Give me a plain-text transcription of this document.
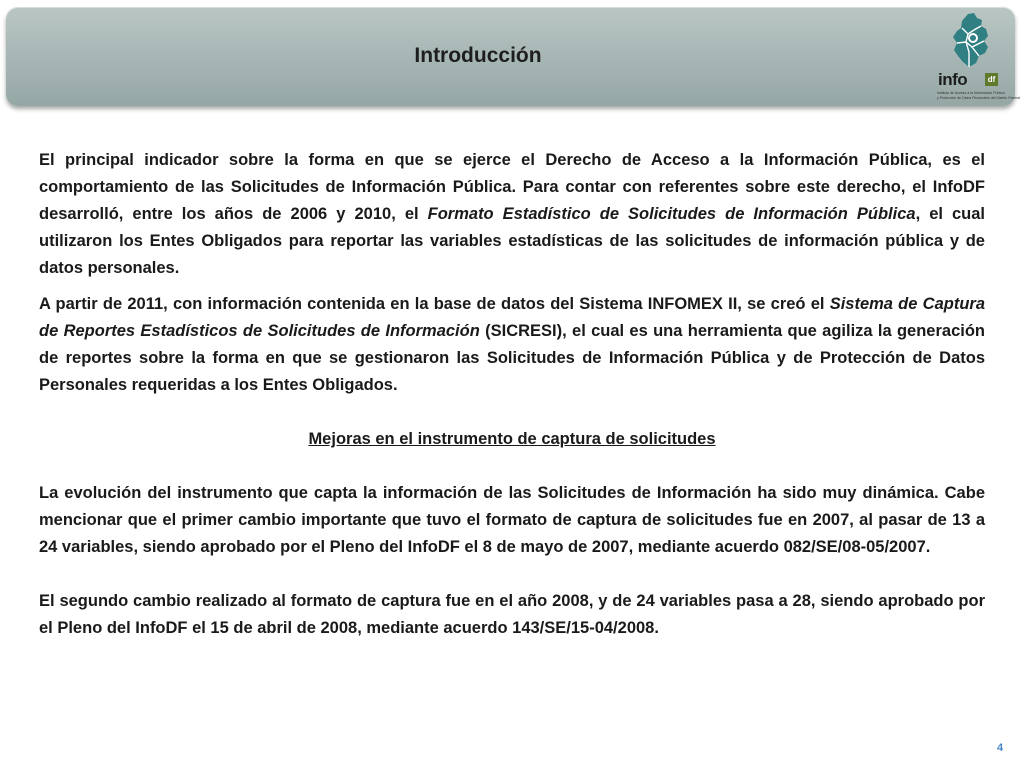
Introducción
info	df
Instituto de Acceso a la Información Pública
y Protección de Datos Personales del Distrito Federal

El principal indicador sobre la forma en que se ejerce el Derecho de Acceso a la Información Pública, es el comportamiento de las Solicitudes de Información Pública. Para contar con referentes sobre este derecho, el InfoDF desarrolló, entre los años de 2006 y 2010, el Formato Estadístico de Solicitudes de Información Pública, el cual utilizaron los Entes Obligados para reportar las variables estadísticas de las solicitudes de información pública y de datos personales.

A partir de 2011, con información contenida en la base de datos del Sistema INFOMEX II, se creó el Sistema de Captura de Reportes Estadísticos de Solicitudes de Información (SICRESI), el cual es una herramienta que agiliza la generación de reportes sobre la forma en que se gestionaron las Solicitudes de Información Pública y de Protección de Datos Personales requeridas a los Entes Obligados.

Mejoras en el instrumento de captura de solicitudes

La evolución del instrumento que capta la información de las Solicitudes de Información ha sido muy dinámica. Cabe mencionar que el primer cambio importante que tuvo el formato de captura de solicitudes fue en 2007, al pasar de 13 a 24 variables, siendo aprobado por el Pleno del InfoDF el 8 de mayo de 2007, mediante acuerdo 082/SE/08-05/2007.

El segundo cambio realizado al formato de captura fue en el año 2008, y de 24 variables pasa a 28, siendo aprobado por el Pleno del InfoDF el 15 de abril de 2008, mediante acuerdo 143/SE/15-04/2008.

4
